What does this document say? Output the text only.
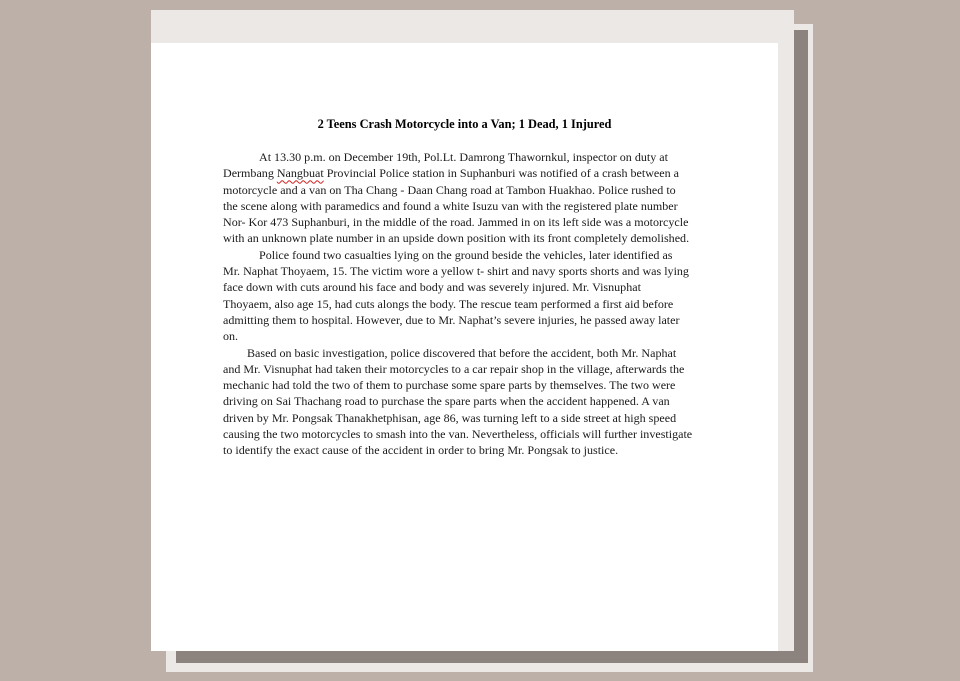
2 Teens Crash Motorcycle into a Van; 1 Dead, 1 Injured

At 13.30 p.m. on December 19th, Pol.Lt. Damrong Thawornkul, inspector on duty at
Dermbang Nangbuat Provincial Police station in Suphanburi was notified of a crash between a
motorcycle and a van on Tha Chang - Daan Chang road at Tambon Huakhao. Police rushed to
the scene along with paramedics and found a white Isuzu van with the registered plate number
Nor- Kor 473 Suphanburi, in the middle of the road. Jammed in on its left side was a motorcycle
with an unknown plate number in an upside down position with its front completely demolished.

Police found two casualties lying on the ground beside the vehicles, later identified as
Mr. Naphat Thoyaem, 15. The victim wore a yellow t- shirt and navy sports shorts and was lying
face down with cuts around his face and body and was severely injured. Mr. Visnuphat
Thoyaem, also age 15, had cuts alongs the body. The rescue team performed a first aid before
admitting them to hospital. However, due to Mr. Naphat’s severe injuries, he passed away later
on.

Based on basic investigation, police discovered that before the accident, both Mr. Naphat
and Mr. Visnuphat had taken their motorcycles to a car repair shop in the village, afterwards the
mechanic had told the two of them to purchase some spare parts by themselves. The two were
driving on Sai Thachang road to purchase the spare parts when the accident happened. A van
driven by Mr. Pongsak Thanakhetphisan, age 86, was turning left to a side street at high speed
causing the two motorcycles to smash into the van. Nevertheless, officials will further investigate
to identify the exact cause of the accident in order to bring Mr. Pongsak to justice.
